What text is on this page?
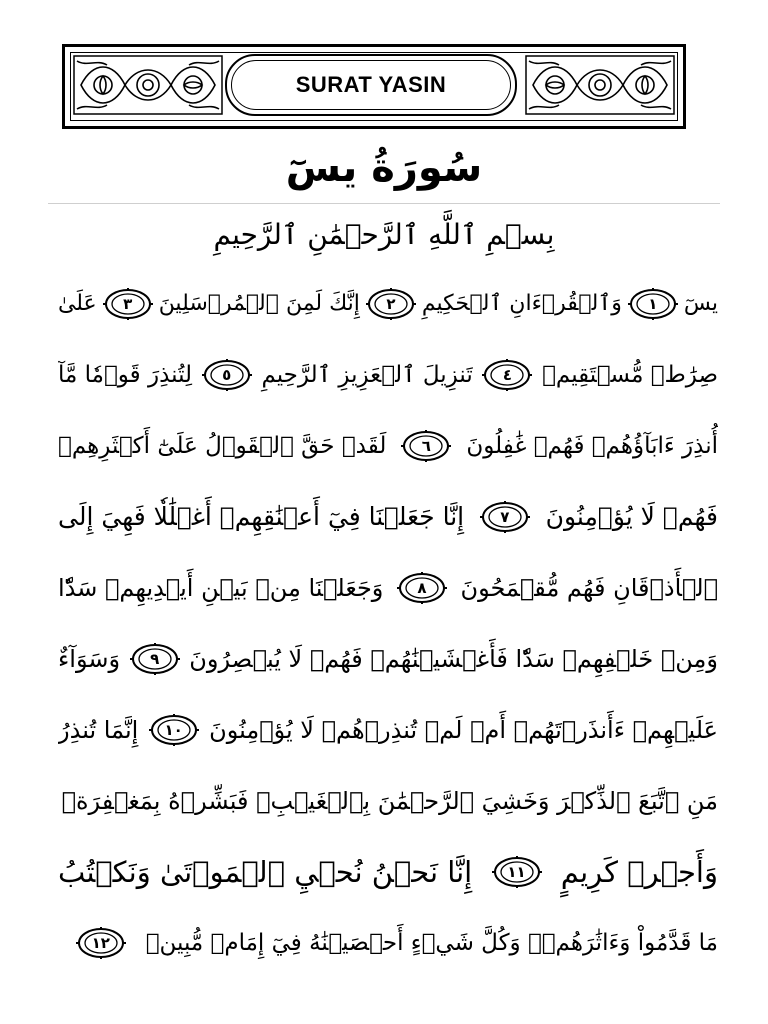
SURAT YASIN
سُورَةُ يسٓ
بِسۡمِ ٱللَّهِ ٱلرَّحۡمَٰنِ ٱلرَّحِيمِ
يسٓ
١
وَٱلۡقُرۡءَانِ ٱلۡحَكِيمِ
٢
إِنَّكَ لَمِنَ ٱلۡمُرۡسَلِينَ
٣
عَلَىٰ
صِرَٰطٖ مُّسۡتَقِيمٖ
٤
تَنزِيلَ ٱلۡعَزِيزِ ٱلرَّحِيمِ
٥
لِتُنذِرَ قَوۡمٗا مَّآ
أُنذِرَ ءَابَآؤُهُمۡ فَهُمۡ غَٰفِلُونَ
٦
لَقَدۡ حَقَّ ٱلۡقَوۡلُ عَلَىٰٓ أَكۡثَرِهِمۡ
فَهُمۡ لَا يُؤۡمِنُونَ
٧
إِنَّا جَعَلۡنَا فِيٓ أَعۡنَٰقِهِمۡ أَغۡلَٰلٗا فَهِيَ إِلَى
ٱلۡأَذۡقَانِ فَهُم مُّقۡمَحُونَ
٨
وَجَعَلۡنَا مِنۢ بَيۡنِ أَيۡدِيهِمۡ سَدّٗا
وَمِنۡ خَلۡفِهِمۡ سَدّٗا فَأَغۡشَيۡنَٰهُمۡ فَهُمۡ لَا يُبۡصِرُونَ
٩
وَسَوَآءٌ
عَلَيۡهِمۡ ءَأَنذَرۡتَهُمۡ أَمۡ لَمۡ تُنذِرۡهُمۡ لَا يُؤۡمِنُونَ
١٠
إِنَّمَا تُنذِرُ
مَنِ ٱتَّبَعَ ٱلذِّكۡرَ وَخَشِيَ ٱلرَّحۡمَٰنَ بِٱلۡغَيۡبِۖ فَبَشِّرۡهُ بِمَغۡفِرَةٖ
وَأَجۡرٖ كَرِيمٍ
١١
إِنَّا نَحۡنُ نُحۡيِ ٱلۡمَوۡتَىٰ وَنَكۡتُبُ
مَا قَدَّمُواْ وَءَاثَٰرَهُمۡۚ وَكُلَّ شَيۡءٍ أَحۡصَيۡنَٰهُ فِيٓ إِمَامٖ مُّبِينٖ
١٢
